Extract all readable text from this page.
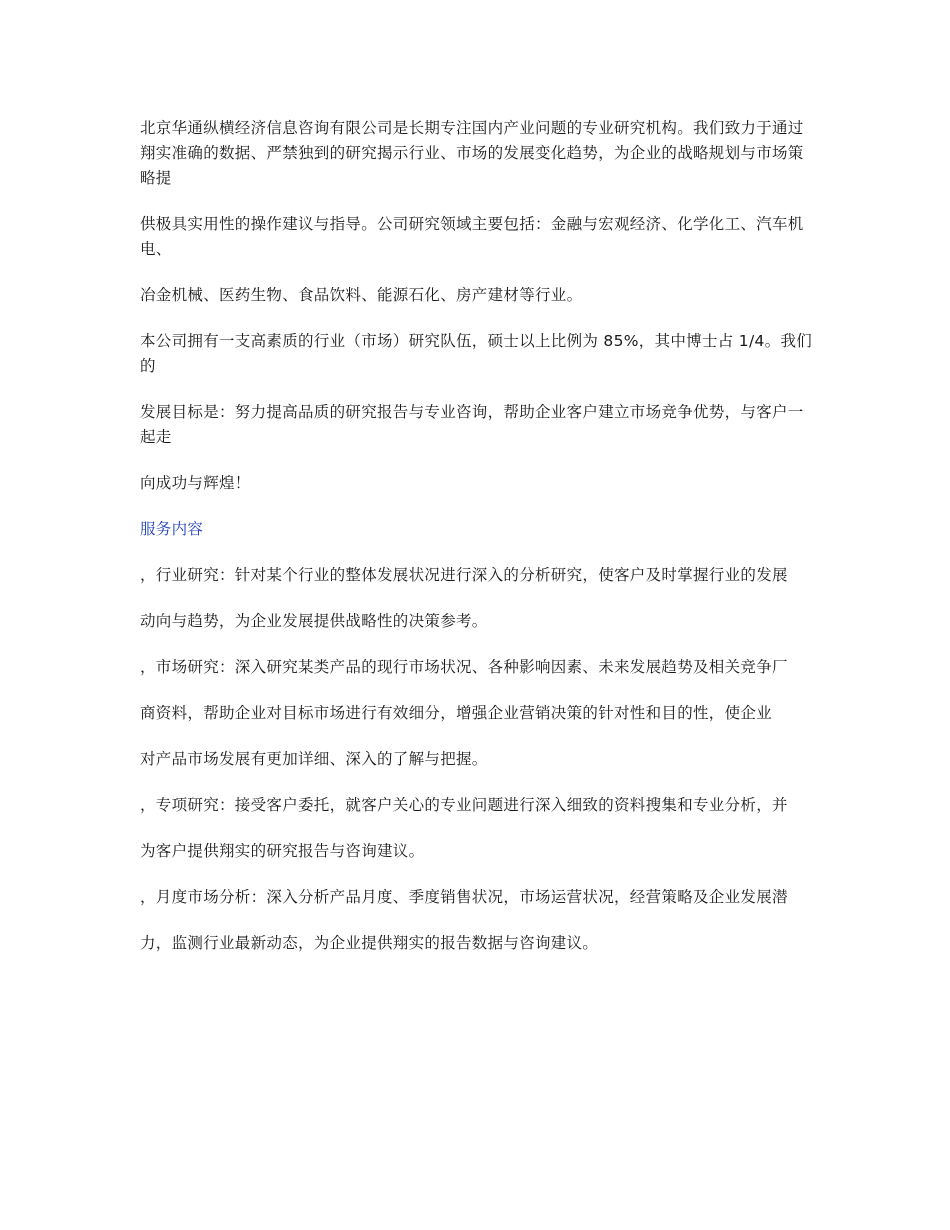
北京华通纵横经济信息咨询有限公司是长期专注国内产业问题的专业研究机构。我们致力于通过翔实准确的数据、严禁独到的研究揭示行业、市场的发展变化趋势，为企业的战略规划与市场策略提

供极具实用性的操作建议与指导。公司研究领域主要包括：金融与宏观经济、化学化工、汽车机电、

冶金机械、医药生物、食品饮料、能源石化、房产建材等行业。

本公司拥有一支高素质的行业（市场）研究队伍，硕士以上比例为 85%，其中博士占 1/4。我们的

发展目标是：努力提高品质的研究报告与专业咨询，帮助企业客户建立市场竞争优势，与客户一起走

向成功与辉煌！

服务内容

，行业研究：针对某个行业的整体发展状况进行深入的分析研究，使客户及时掌握行业的发展

动向与趋势，为企业发展提供战略性的决策参考。

，市场研究：深入研究某类产品的现行市场状况、各种影响因素、未来发展趋势及相关竞争厂

商资料，帮助企业对目标市场进行有效细分，增强企业营销决策的针对性和目的性，使企业

对产品市场发展有更加详细、深入的了解与把握。

，专项研究：接受客户委托，就客户关心的专业问题进行深入细致的资料搜集和专业分析，并

为客户提供翔实的研究报告与咨询建议。

，月度市场分析：深入分析产品月度、季度销售状况，市场运营状况，经营策略及企业发展潜

力，监测行业最新动态，为企业提供翔实的报告数据与咨询建议。
